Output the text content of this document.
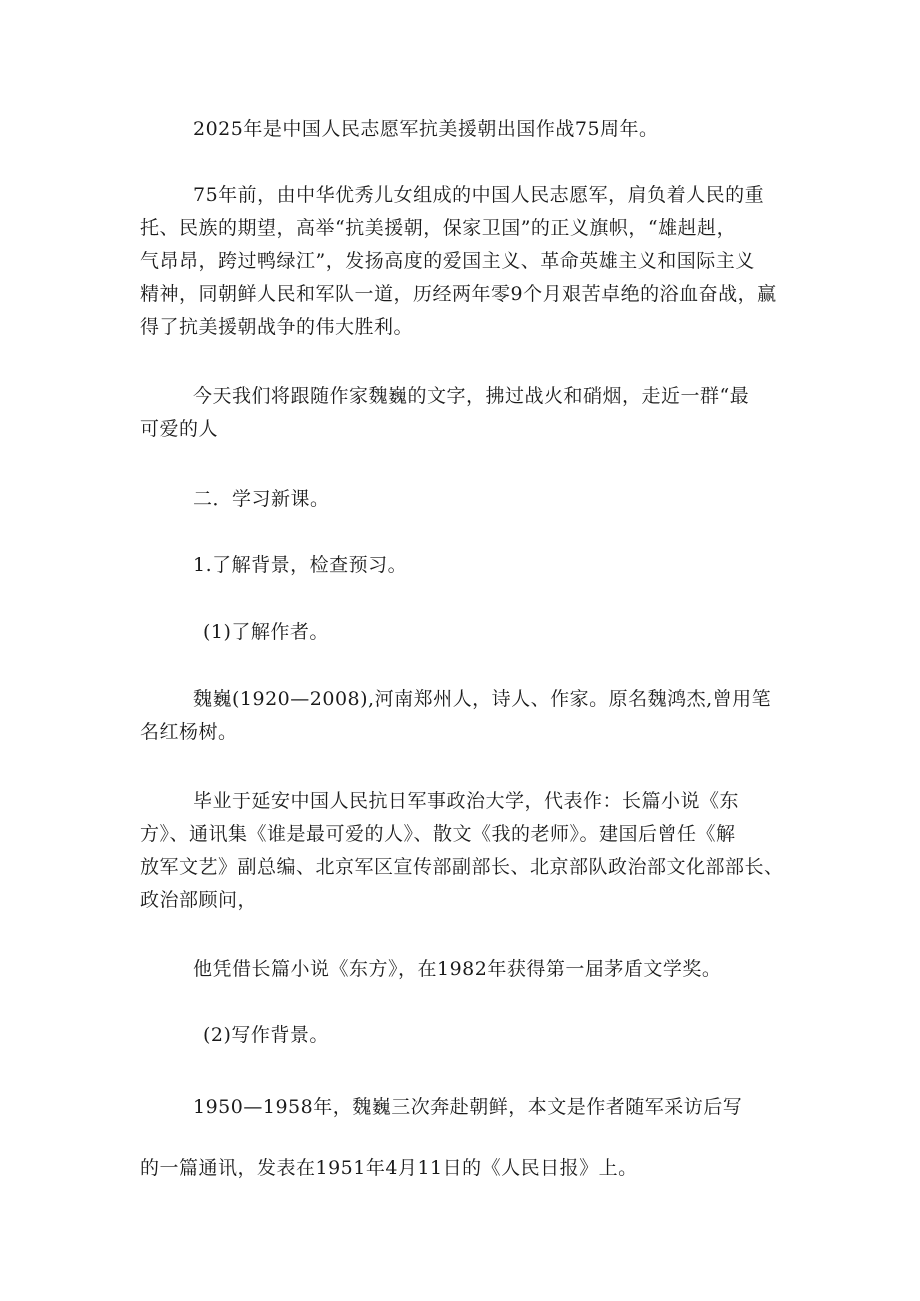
2025年是中国人民志愿军抗美援朝出国作战75周年。
75年前，由中华优秀儿女组成的中国人民志愿军，肩负着人民的重
托、民族的期望，高举“抗美援朝，保家卫国”的正义旗帜，“雄赳赳，
气昂昂，跨过鸭绿江”，发扬高度的爱国主义、革命英雄主义和国际主义
精神，同朝鲜人民和军队一道，历经两年零9个月艰苦卓绝的浴血奋战，赢
得了抗美援朝战争的伟大胜利。
今天我们将跟随作家魏巍的文字，拂过战火和硝烟，走近一群“最
可爱的人
二．学习新课。
1.了解背景，检查预习。
(1)了解作者。
魏巍(1920—2008),河南郑州人，诗人、作家。原名魏鸿杰,曾用笔
名红杨树。
毕业于延安中国人民抗日军事政治大学，代表作：长篇小说《东
方》、通讯集《谁是最可爱的人》、散文《我的老师》。建国后曾任《解
放军文艺》副总编、北京军区宣传部副部长、北京部队政治部文化部部长、
政治部顾问，
他凭借长篇小说《东方》，在1982年获得第一届茅盾文学奖。
(2)写作背景。
1950—1958年，魏巍三次奔赴朝鲜，本文是作者随军采访后写
的一篇通讯，发表在1951年4月11日的《人民日报》上。
